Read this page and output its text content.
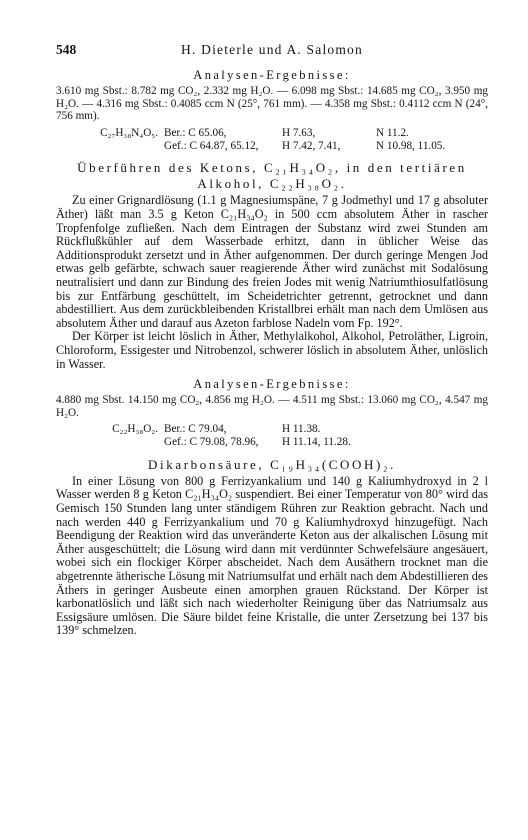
548	H. Dieterle und A. Salomon
Analysen-Ergebnisse:

3.610 mg Sbst.: 8.782 mg CO₂, 2.332 mg H₂O. — 6.098 mg Sbst.: 14.685 mg CO₂, 3.950 mg H₂O. — 4.316 mg Sbst.: 0.4085 ccm N (25°, 761 mm). — 4.358 mg Sbst.: 0.4112 ccm N (24°, 756 mm).

C₂₇H₃₈N₄O₅. Ber.: C 65.06,	H 7.63,	N 11.2.
Gef.: C 64.87, 65.12,	H 7.42, 7.41,	N 10.98, 11.05.
Überführen des Ketons, C₂₁H₃₄O₂, in den tertiären Alkohol, C₂₂H₃₈O₂.

Zu einer Grignardlösung (1.1 g Magnesiumspäne, 7 g Jodmethyl und 17 g absoluter Äther) läßt man 3.5 g Keton C₂₁H₃₄O₂ in 500 ccm absolutem Äther in rascher Tropfenfolge zufließen. Nach dem Eintragen der Substanz wird zwei Stunden am Rückflußkühler auf dem Wasserbade erhitzt, dann in üblicher Weise das Additionsprodukt zersetzt und in Äther aufgenommen. Der durch geringe Mengen Jod etwas gelb gefärbte, schwach sauer reagierende Äther wird zunächst mit Sodalösung neutralisiert und dann zur Bindung des freien Jodes mit wenig Natriumthiosulfatlösung bis zur Entfärbung geschüttelt, im Scheidetrichter getrennt, getrocknet und dann abdestilliert. Aus dem zurückbleibenden Kristallbrei erhält man nach dem Umlösen aus absolutem Äther und darauf aus Azeton farblose Nadeln vom Fp. 192°.

Der Körper ist leicht löslich in Äther, Methylalkohol, Alkohol, Petroläther, Ligroin, Chloroform, Essigester und Nitrobenzol, schwerer löslich in absolutem Äther, unlöslich in Wasser.

Analysen-Ergebnisse:

4.880 mg Sbst. 14.150 mg CO₂, 4.856 mg H₂O. — 4.511 mg Sbst.: 13.060 mg CO₂, 4.547 mg H₂O.

C₂₂H₃₈O₂. Ber.: C 79.04,	H 11.38.
Gef.: C 79.08, 78.96,	H 11.14, 11.28.
Dikarbonsäure, C₁₉H₃₄(COOH)₂.

In einer Lösung von 800 g Ferrizyankalium und 140 g Kaliumhydroxyd in 2 l Wasser werden 8 g Keton C₂₁H₃₄O₂ suspendiert. Bei einer Temperatur von 80° wird das Gemisch 150 Stunden lang unter ständigem Rühren zur Reaktion gebracht. Nach und nach werden 440 g Ferrizyankalium und 70 g Kaliumhydroxyd hinzugefügt. Nach Beendigung der Reaktion wird das unveränderte Keton aus der alkalischen Lösung mit Äther ausgeschüttelt; die Lösung wird dann mit verdünnter Schwefelsäure angesäuert, wobei sich ein flockiger Körper abscheidet. Nach dem Ausäthern trocknet man die abgetrennte ätherische Lösung mit Natriumsulfat und erhält nach dem Abdestillieren des Äthers in geringer Ausbeute einen amorphen grauen Rückstand. Der Körper ist karbonatlöslich und läßt sich nach wiederholter Reinigung über das Natriumsalz aus Essigsäure umlösen. Die Säure bildet feine Kristalle, die unter Zersetzung bei 137 bis 139° schmelzen.
